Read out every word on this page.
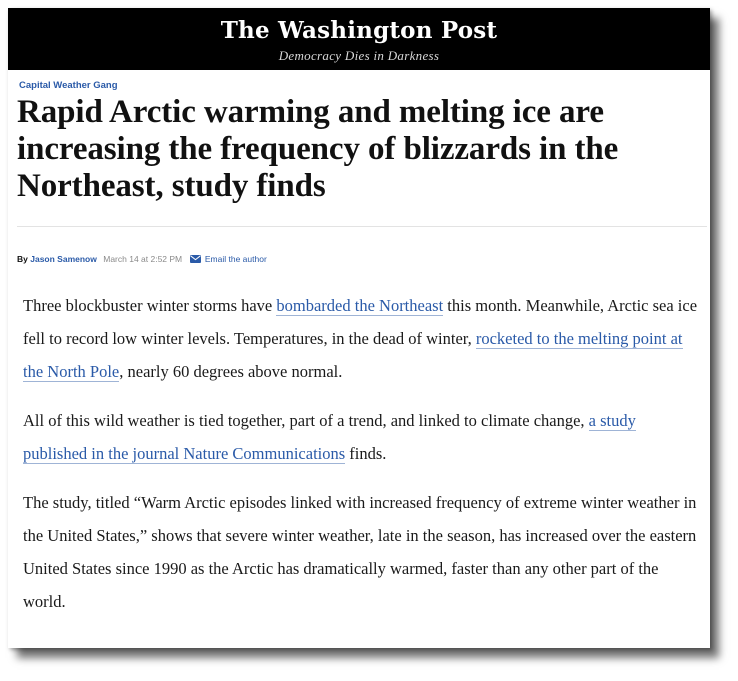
The Washington Post
Democracy Dies in Darkness
Capital Weather Gang
Rapid Arctic warming and melting ice are increasing the frequency of blizzards in the Northeast, study finds
By Jason Samenow March 14 at 2:52 PM	Email the author

Three blockbuster winter storms have bombarded the Northeast this month. Meanwhile, Arctic sea ice fell to record low winter levels. Temperatures, in the dead of winter, rocketed to the melting point at the North Pole, nearly 60 degrees above normal.

All of this wild weather is tied together, part of a trend, and linked to climate change, a study published in the journal Nature Communications finds.

The study, titled “Warm Arctic episodes linked with increased frequency of extreme winter weather in the United States,” shows that severe winter weather, late in the season, has increased over the eastern United States since 1990 as the Arctic has dramatically warmed, faster than any other part of the world.
